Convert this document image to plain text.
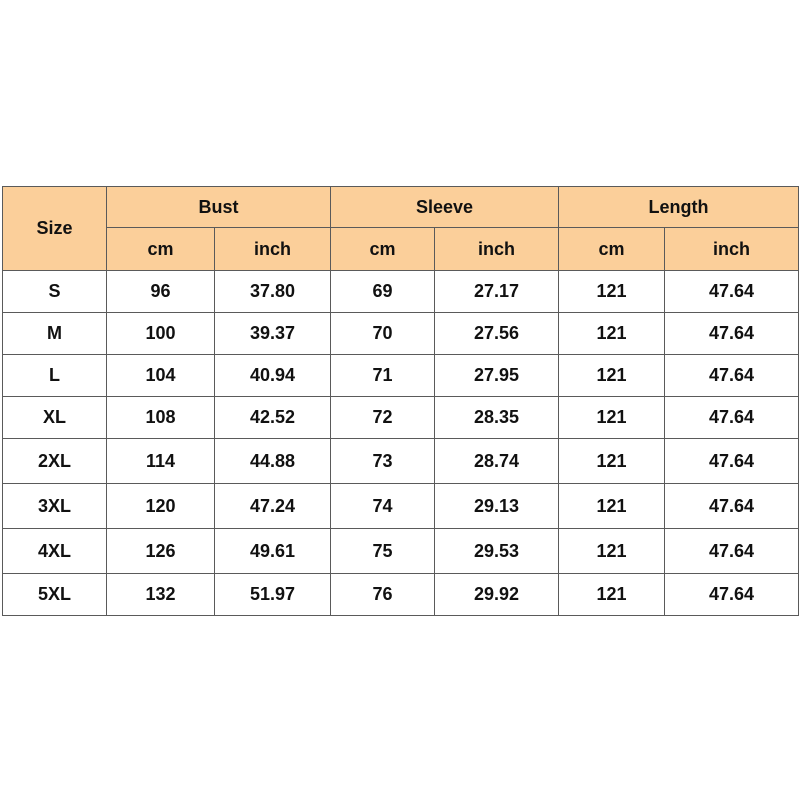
Size	Bust		Sleeve		Length	
	cm	inch	cm	inch	cm	inch
S	96	37.80	69	27.17	121	47.64
M	100	39.37	70	27.56	121	47.64
L	104	40.94	71	27.95	121	47.64
XL	108	42.52	72	28.35	121	47.64
2XL	114	44.88	73	28.74	121	47.64
3XL	120	47.24	74	29.13	121	47.64
4XL	126	49.61	75	29.53	121	47.64
5XL	132	51.97	76	29.92	121	47.64
